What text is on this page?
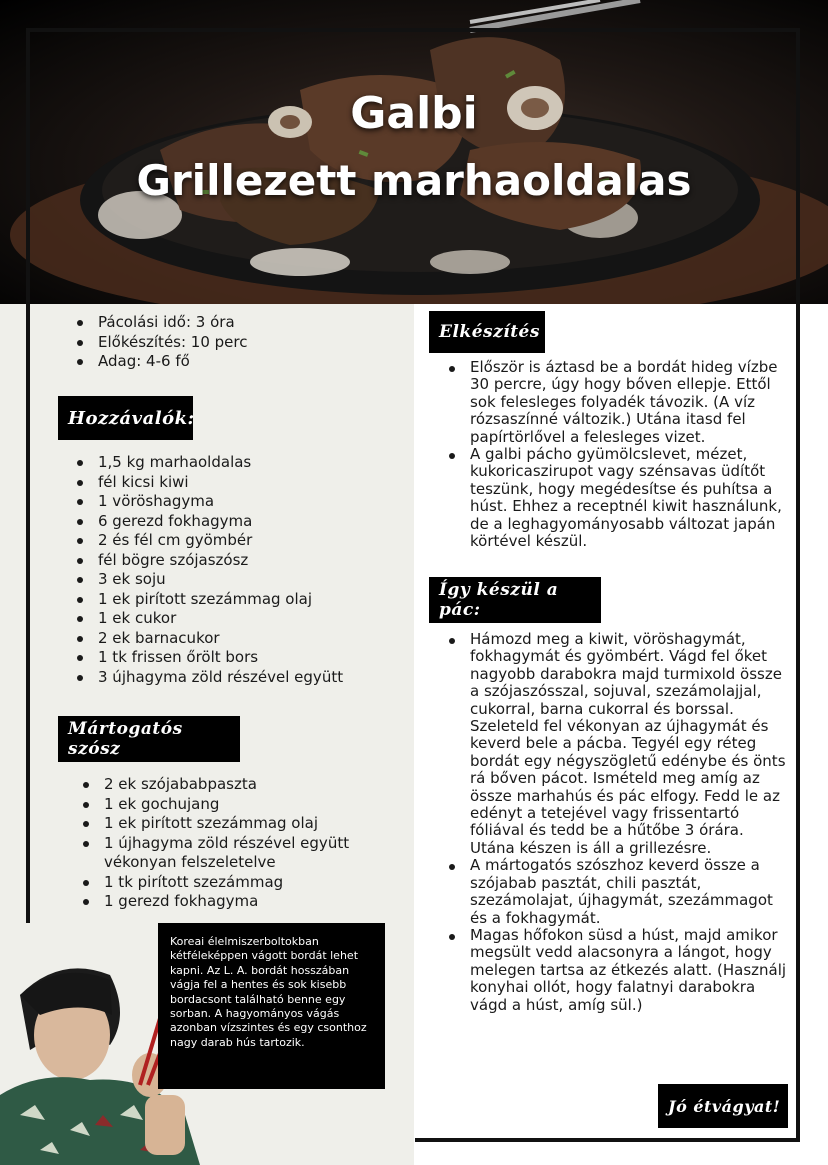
Galbi
Grillezett marhaoldalas
Pácolási idő: 3 óra
Előkészítés: 10 perc
Adag: 4-6 fő
Hozzávalók:
1,5 kg marhaoldalas
fél kicsi kiwi
1 vöröshagyma
6 gerezd fokhagyma
2 és fél cm gyömbér
fél bögre szójaszósz
3 ek soju
1 ek pirított szezámmag olaj
1 ek cukor
2 ek barnacukor
1 tk frissen őrölt bors
3 újhagyma zöld részével együtt
Mártogatós szósz
2 ek szójababpaszta
1 ek gochujang
1 ek pirított szezámmag olaj
1 újhagyma zöld részével együtt vékonyan felszeletelve
1 tk pirított szezámmag
1 gerezd fokhagyma
Koreai élelmiszerboltokban kétféleképpen vágott bordát lehet kapni. Az L. A. bordát hosszában vágja fel a hentes és sok kisebb bordacsont található benne egy sorban. A hagyományos vágás azonban vízszintes és egy csonthoz nagy darab hús tartozik.
Elkészítés
Először is áztasd be a bordát hideg vízbe 30 percre, úgy hogy bőven ellepje. Ettől sok felesleges folyadék távozik. (A víz rózsaszínné változik.) Utána itasd fel papírtörlővel a felesleges vizet.
A galbi pácho gyümölcslevet, mézet, kukoricaszirupot vagy szénsavas üdítőt teszünk, hogy megédesítse és puhítsa a húst. Ehhez a receptnél kiwit használunk, de a leghagyományosabb változat japán körtével készül.
Így készül a pác:
Hámozd meg a kiwit, vöröshagymát, fokhagymát és gyömbért. Vágd fel őket nagyobb darabokra majd turmixold össze a szójaszósszal, sojuval, szezámolajjal, cukorral, barna cukorral és borssal. Szeleteld fel vékonyan az újhagymát és keverd bele a pácba. Tegyél egy réteg bordát egy négyszögletű edénybe és önts rá bőven pácot. Ismételd meg amíg az össze marhahús és pác elfogy. Fedd le az edényt a tetejével vagy frissentartó fóliával és tedd be a hűtőbe 3 órára. Utána készen is áll a grillezésre.
A mártogatós szószhoz keverd össze a szójabab pasztát, chili pasztát, szezámolajat, újhagymát, szezámmagot és a fokhagymát.
Magas hőfokon süsd a húst, majd amikor megsült vedd alacsonyra a lángot, hogy melegen tartsa az étkezés alatt. (Használj konyhai ollót, hogy falatnyi darabokra vágd a húst, amíg sül.)
Jó étvágyat!
